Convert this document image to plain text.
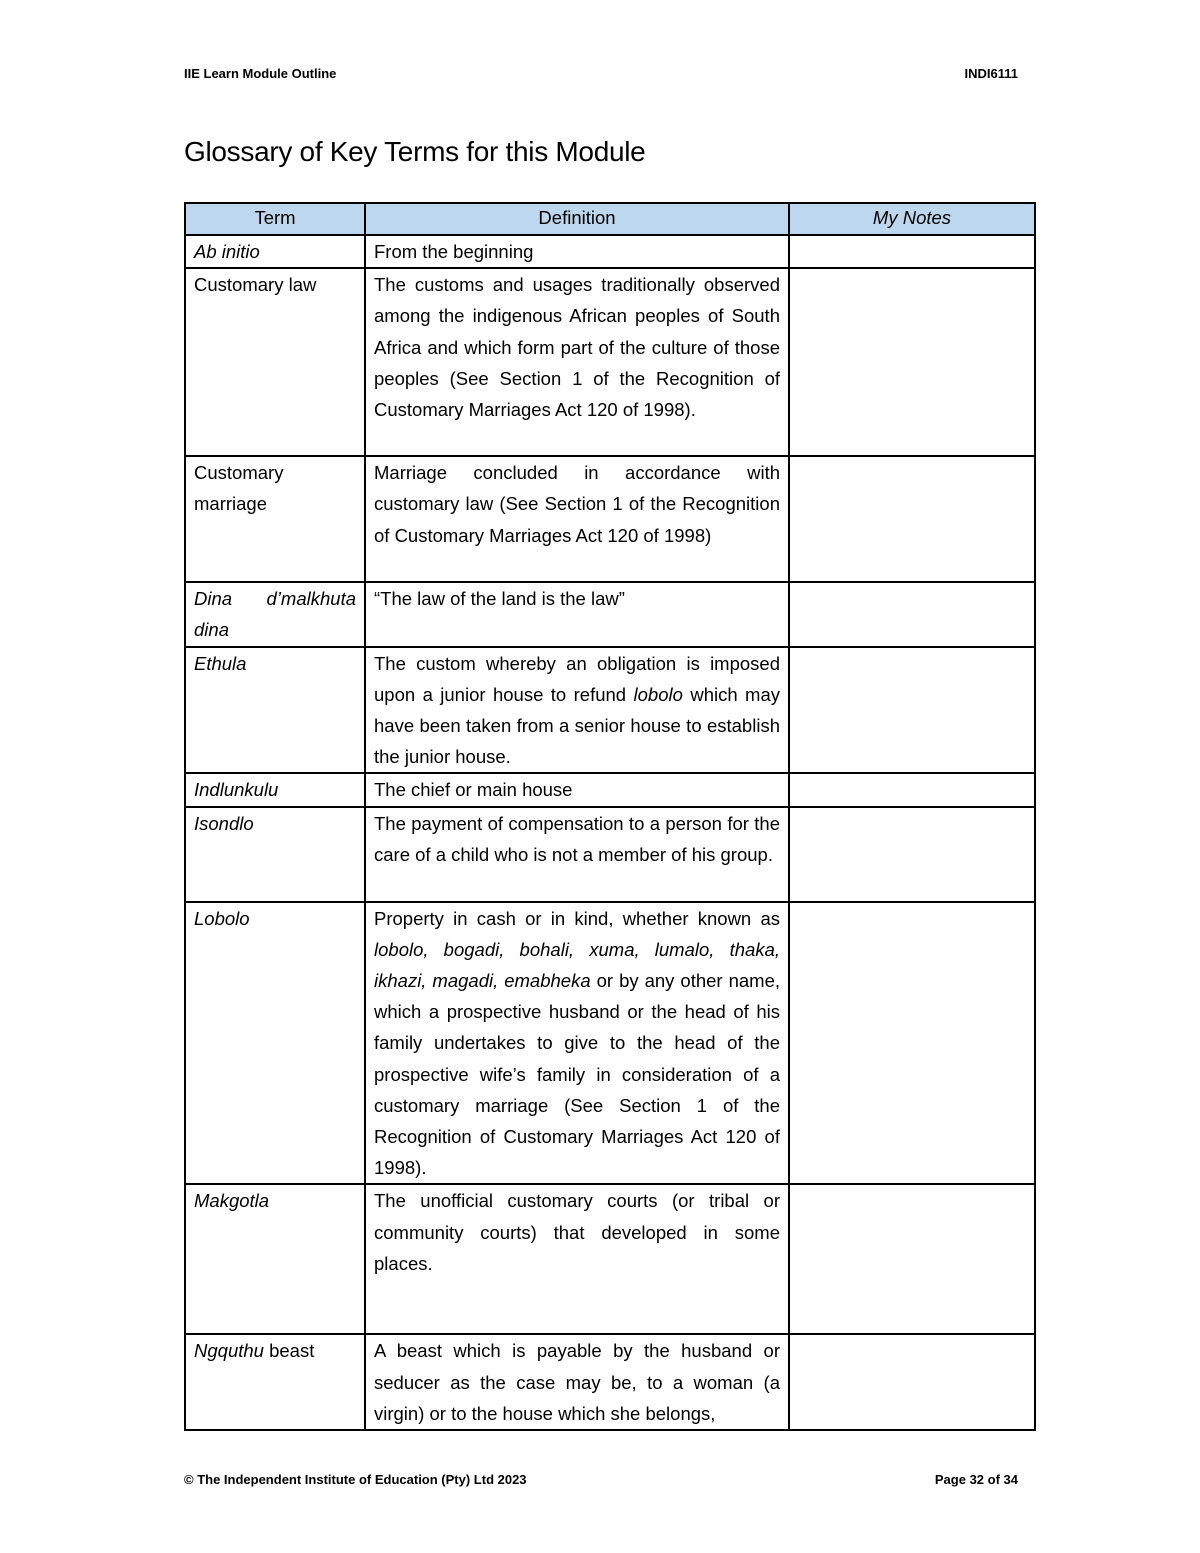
IIE Learn Module Outline	INDI6111
Glossary of Key Terms for this Module
Term	Definition	My Notes
Ab initio	From the beginning	
Customary law	The customs and usages traditionally observed among the indigenous African peoples of South Africa and which form part of the culture of those peoples (See Section 1 of the Recognition of Customary Marriages Act 120 of 1998).	
Customary marriage	Marriage concluded in accordance with customary law (See Section 1 of the Recognition of Customary Marriages Act 120 of 1998)	
Dina d’malkhuta dina	“The law of the land is the law”	
Ethula	The custom whereby an obligation is imposed upon a junior house to refund lobolo which may have been taken from a senior house to establish the junior house.	
Indlunkulu	The chief or main house	
Isondlo	The payment of compensation to a person for the care of a child who is not a member of his group.	
Lobolo	Property in cash or in kind, whether known as lobolo, bogadi, bohali, xuma, lumalo, thaka, ikhazi, magadi, emabheka or by any other name, which a prospective husband or the head of his family undertakes to give to the head of the prospective wife’s family in consideration of a customary marriage (See Section 1 of the Recognition of Customary Marriages Act 120 of 1998).	
Makgotla	The unofficial customary courts (or tribal or community courts) that developed in some places.	
Ngquthu beast	A beast which is payable by the husband or seducer as the case may be, to a woman (a virgin) or to the house which she belongs,	
© The Independent Institute of Education (Pty) Ltd 2023	Page 32 of 34
